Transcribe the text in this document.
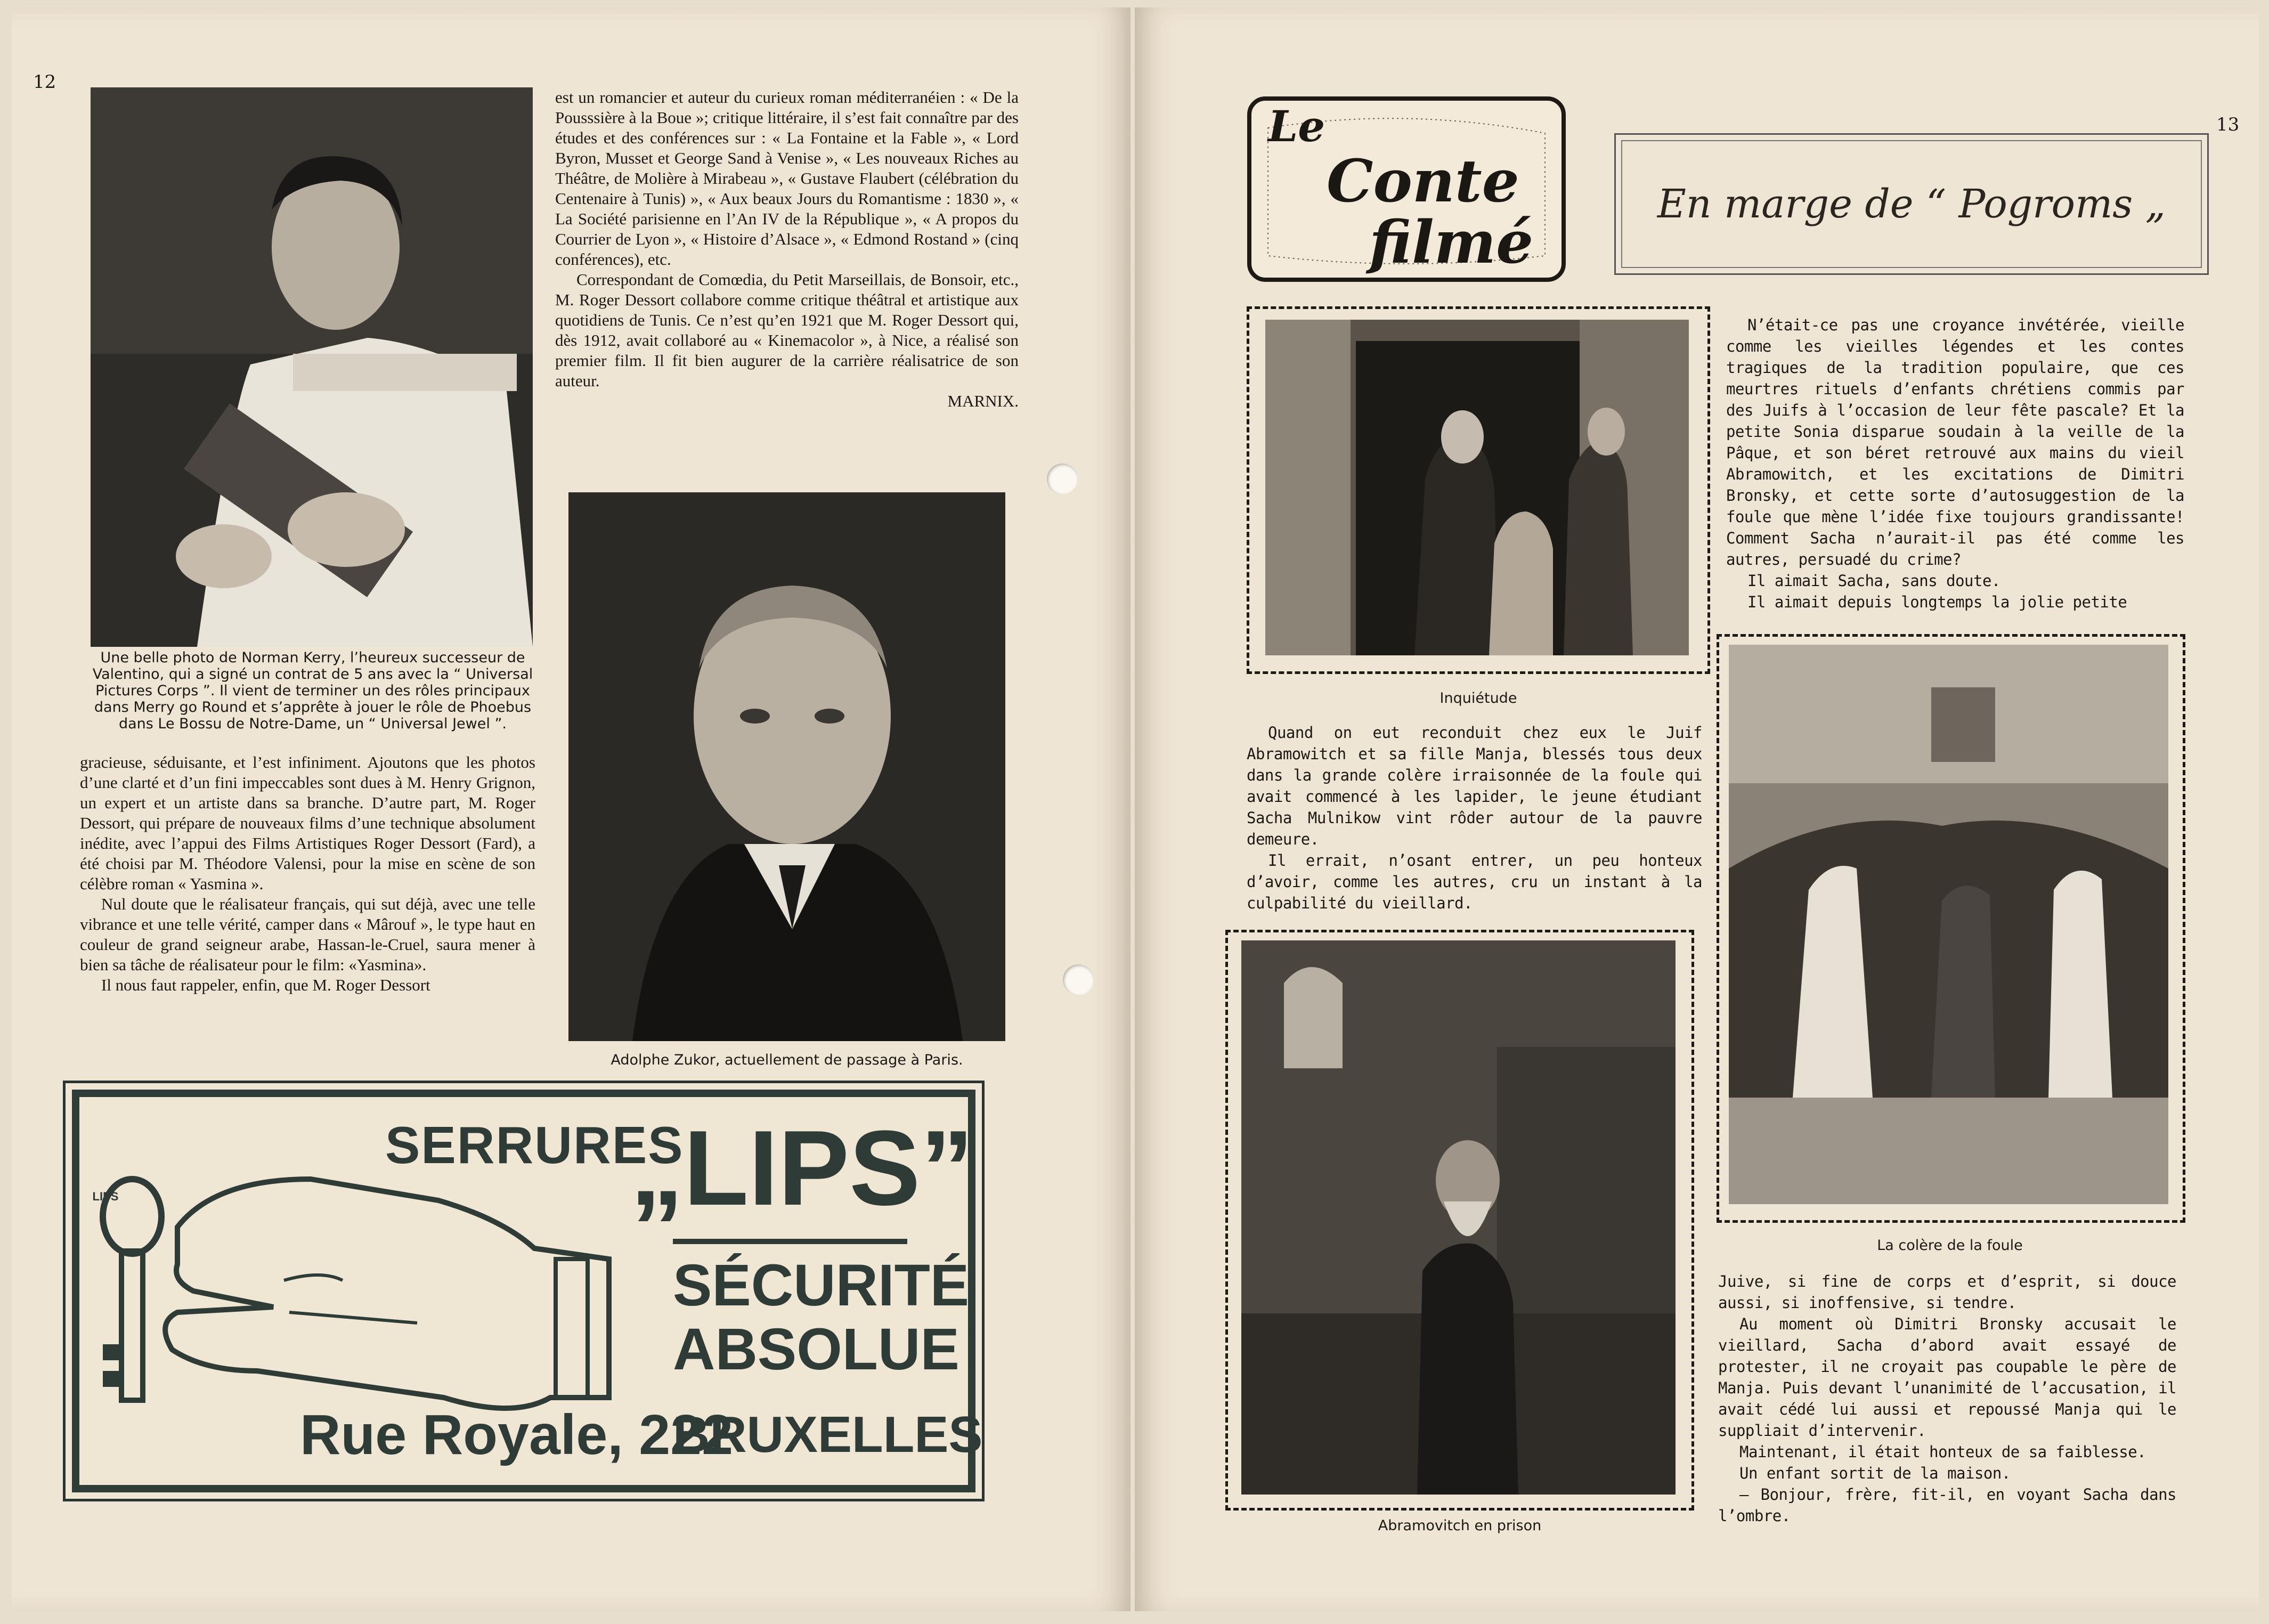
12
Une belle photo de Norman Kerry, l’heureux successeur de Valentino, qui a signé un contrat de 5 ans avec la “ Universal Pictures Corps ”. Il vient de terminer un des rôles principaux dans Merry go Round et s’apprête à jouer le rôle de Phoebus dans Le Bossu de Notre-Dame, un “ Universal Jewel ”.

est un romancier et auteur du curieux roman méditerranéien : « De la Pousssière à la Boue »; critique littéraire, il s’est fait connaître par des études et des conférences sur : « La Fontaine et la Fable », « Lord Byron, Musset et George Sand à Venise », « Les nouveaux Riches au Théâtre, de Molière à Mirabeau », « Gustave Flaubert (célébration du Centenaire à Tunis) », « Aux beaux Jours du Romantisme : 1830 », « La Société parisienne en l’An IV de la République », « A propos du Courrier de Lyon », « Histoire d’Alsace », « Edmond Rostand » (cinq conférences), etc.

Correspondant de Comœdia, du Petit Marseillais, de Bonsoir, etc., M. Roger Dessort collabore comme critique théâtral et artistique aux quotidiens de Tunis. Ce n’est qu’en 1921 que M. Roger Dessort qui, dès 1912, avait collaboré au « Kinemacolor », à Nice, a réalisé son premier film. Il fit bien augurer de la carrière réalisatrice de son auteur.

MARNIX.

gracieuse, séduisante, et l’est infiniment. Ajoutons que les photos d’une clarté et d’un fini impeccables sont dues à M. Henry Grignon, un expert et un artiste dans sa branche. D’autre part, M. Roger Dessort, qui prépare de nouveaux films d’une technique absolument inédite, avec l’appui des Films Artistiques Roger Dessort (Fard), a été choisi par M. Théodore Valensi, pour la mise en scène de son célèbre roman « Yasmina ».

Nul doute que le réalisateur français, qui sut déjà, avec une telle vibrance et une telle vérité, camper dans « Mârouf », le type haut en couleur de grand seigneur arabe, Hassan-le-Cruel, saura mener à bien sa tâche de réalisateur pour le film: «Yasmina».

Il nous faut rappeler, enfin, que M. Roger Dessort

Adolphe Zukor, actuellement de passage à Paris.
LIPS
SERRURES
„LIPS”
SÉCURITÉ
ABSOLUE
Rue Royale, 222
BRUXELLES
13
Le
Conte
filmé
En marge de “ Pogroms „
Inquiétude

N’était-ce pas une croyance invétérée, vieille comme les vieilles légendes et les contes tragiques de la tradition populaire, que ces meurtres rituels d’enfants chrétiens commis par des Juifs à l’occasion de leur fête pascale? Et la petite Sonia disparue soudain à la veille de la Pâque, et son béret retrouvé aux mains du vieil Abramowitch, et les excitations de Dimitri Bronsky, et cette sorte d’autosuggestion de la foule que mène l’idée fixe toujours grandissante! Comment Sacha n’aurait-il pas été comme les autres, persuadé du crime?

Il aimait Sacha, sans doute.

Il aimait depuis longtemps la jolie petite

Quand on eut reconduit chez eux le Juif Abramowitch et sa fille Manja, blessés tous deux dans la grande colère irraisonnée de la foule qui avait commencé à les lapider, le jeune étudiant Sacha Mulnikow vint rôder autour de la pauvre demeure.

Il errait, n’osant entrer, un peu honteux d’avoir, comme les autres, cru un instant à la culpabilité du vieillard.

La colère de la foule
Abramovitch en prison

Juive, si fine de corps et d’esprit, si douce aussi, si inoffensive, si tendre.

Au moment où Dimitri Bronsky accusait le vieillard, Sacha d’abord avait essayé de protester, il ne croyait pas coupable le père de Manja. Puis devant l’unanimité de l’accusation, il avait cédé lui aussi et repoussé Manja qui le suppliait d’intervenir.

Maintenant, il était honteux de sa faiblesse.

Un enfant sortit de la maison.

— Bonjour, frère, fit-il, en voyant Sacha dans l’ombre.
